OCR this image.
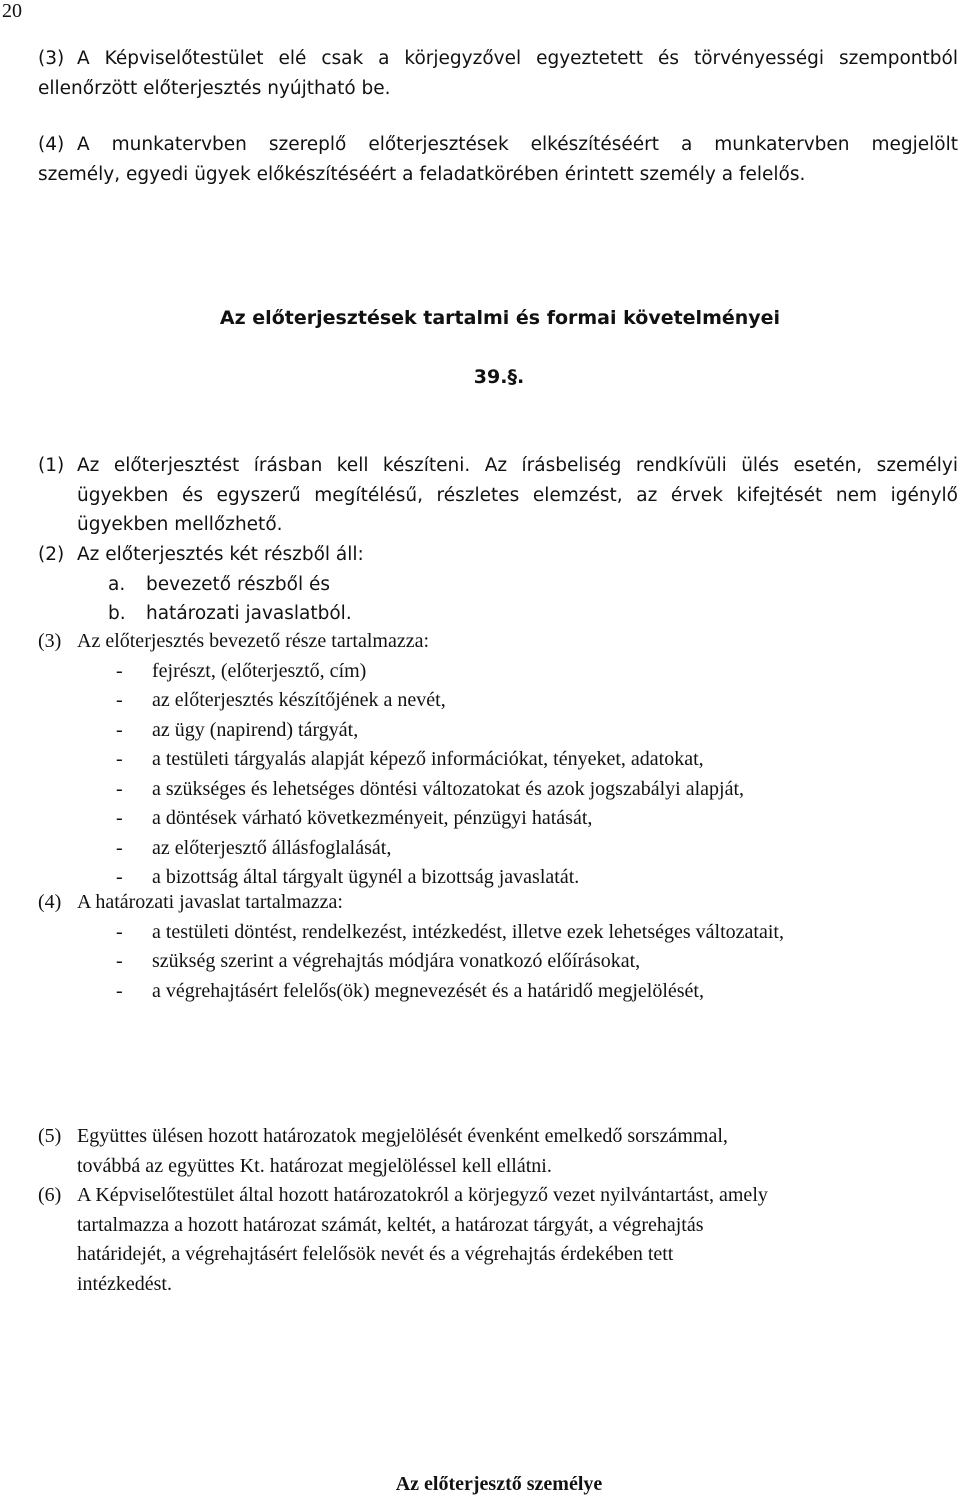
20
(3) A Képviselőtestület elé csak a körjegyzővel egyeztetett és törvényességi szempontból
ellenőrzött előterjesztés nyújtható be.
(4) A munkatervben szereplő előterjesztések elkészítéséért a munkatervben megjelölt
személy, egyedi ügyek előkészítéséért a feladatkörében érintett személy a felelős.
Az előterjesztések tartalmi és formai követelményei
39.§.
(1) Az előterjesztést írásban kell készíteni. Az írásbeliség rendkívüli ülés esetén, személyi
ügyekben és egyszerű megítélésű, részletes elemzést, az érvek kifejtését nem igénylő
ügyekben mellőzhető.
(2) Az előterjesztés két részből áll:
a.	bevezető részből és
b.	határozati javaslatból.
(3) Az előterjesztés bevezető része tartalmazza:
-	fejrészt, (előterjesztő, cím)
-	az előterjesztés készítőjének a nevét,
-	az ügy (napirend) tárgyát,
-	a testületi tárgyalás alapját képező információkat, tényeket, adatokat,
-	a szükséges és lehetséges döntési változatokat és azok jogszabályi alapját,
-	a döntések várható következményeit, pénzügyi hatását,
-	az előterjesztő állásfoglalását,
-	a bizottság által tárgyalt ügynél a bizottság javaslatát.
(4) A határozati javaslat tartalmazza:
-	a testületi döntést, rendelkezést, intézkedést, illetve ezek lehetséges változatait,
-	szükség szerint a végrehajtás módjára vonatkozó előírásokat,
-	a végrehajtásért felelős(ök) megnevezését és a határidő megjelölését,
(5) Együttes ülésen hozott határozatok megjelölését évenként emelkedő sorszámmal,
továbbá az együttes Kt. határozat megjelöléssel kell ellátni.
(6) A Képviselőtestület által hozott határozatokról a körjegyző vezet nyilvántartást, amely
tartalmazza a hozott határozat számát, keltét, a határozat tárgyát, a végrehajtás
határidejét, a végrehajtásért felelősök nevét és a végrehajtás érdekében tett
intézkedést.
Az előterjesztő személye
